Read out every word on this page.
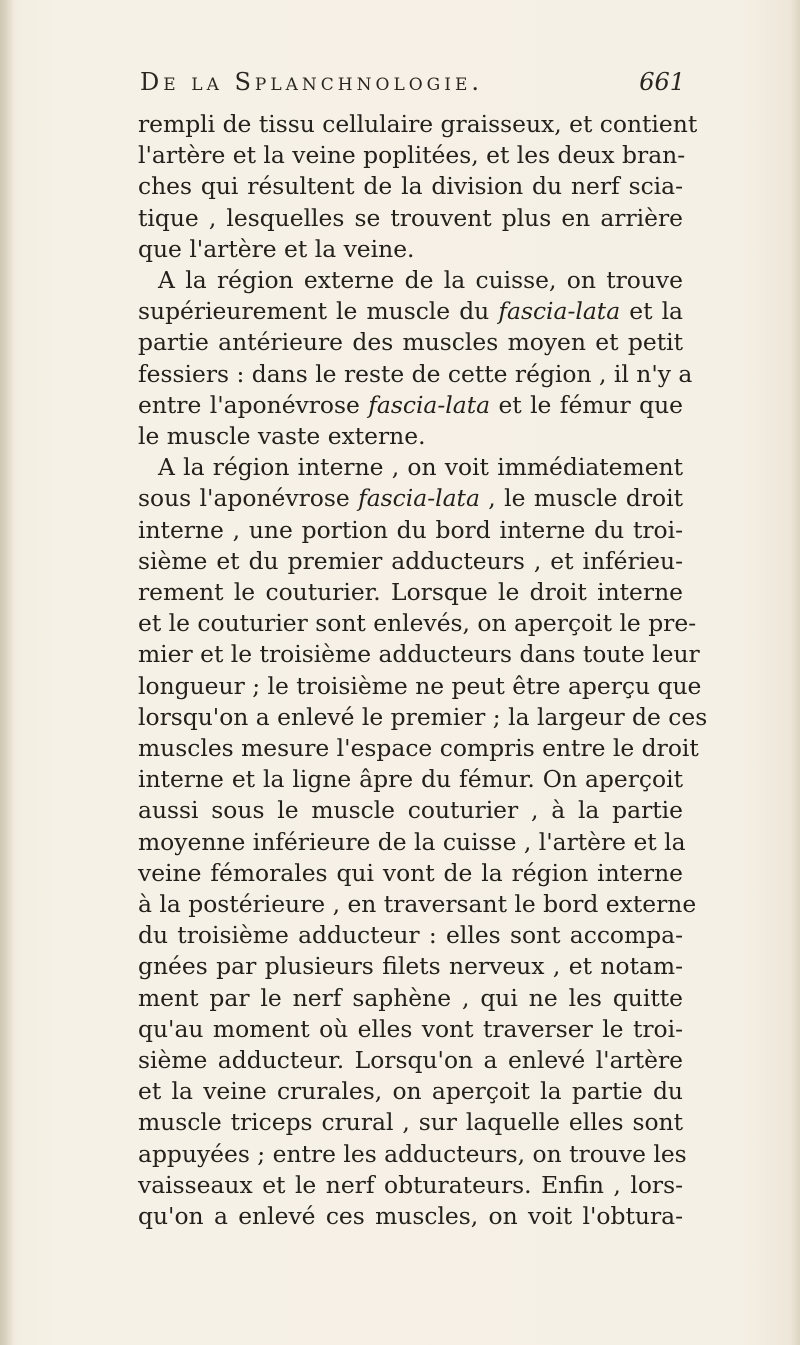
De la Splanchnologie.	661
rempli de tissu cellulaire graisseux, et contient
l'artère et la veine poplitées, et les deux bran-
ches qui résultent de la division du nerf scia-
tique , lesquelles se trouvent plus en arrière
que l'artère et la veine.
A la région externe de la cuisse, on trouve
supérieurement le muscle du fascia-lata et la
partie antérieure des muscles moyen et petit
fessiers : dans le reste de cette région , il n'y a
entre l'aponévrose fascia-lata et le fémur que
le muscle vaste externe.
A la région interne , on voit immédiatement
sous l'aponévrose fascia-lata , le muscle droit
interne , une portion du bord interne du troi-
sième et du premier adducteurs , et inférieu-
rement le couturier. Lorsque le droit interne
et le couturier sont enlevés, on aperçoit le pre-
mier et le troisième adducteurs dans toute leur
longueur ; le troisième ne peut être aperçu que
lorsqu'on a enlevé le premier ; la largeur de ces
muscles mesure l'espace compris entre le droit
interne et la ligne âpre du fémur. On aperçoit
aussi sous le muscle couturier , à la partie
moyenne inférieure de la cuisse , l'artère et la
veine fémorales qui vont de la région interne
à la postérieure , en traversant le bord externe
du troisième adducteur : elles sont accompa-
gnées par plusieurs filets nerveux , et notam-
ment par le nerf saphène , qui ne les quitte
qu'au moment où elles vont traverser le troi-
sième adducteur. Lorsqu'on a enlevé l'artère
et la veine crurales, on aperçoit la partie du
muscle triceps crural , sur laquelle elles sont
appuyées ; entre les adducteurs, on trouve les
vaisseaux et le nerf obturateurs. Enfin , lors-
qu'on a enlevé ces muscles, on voit l'obtura-
